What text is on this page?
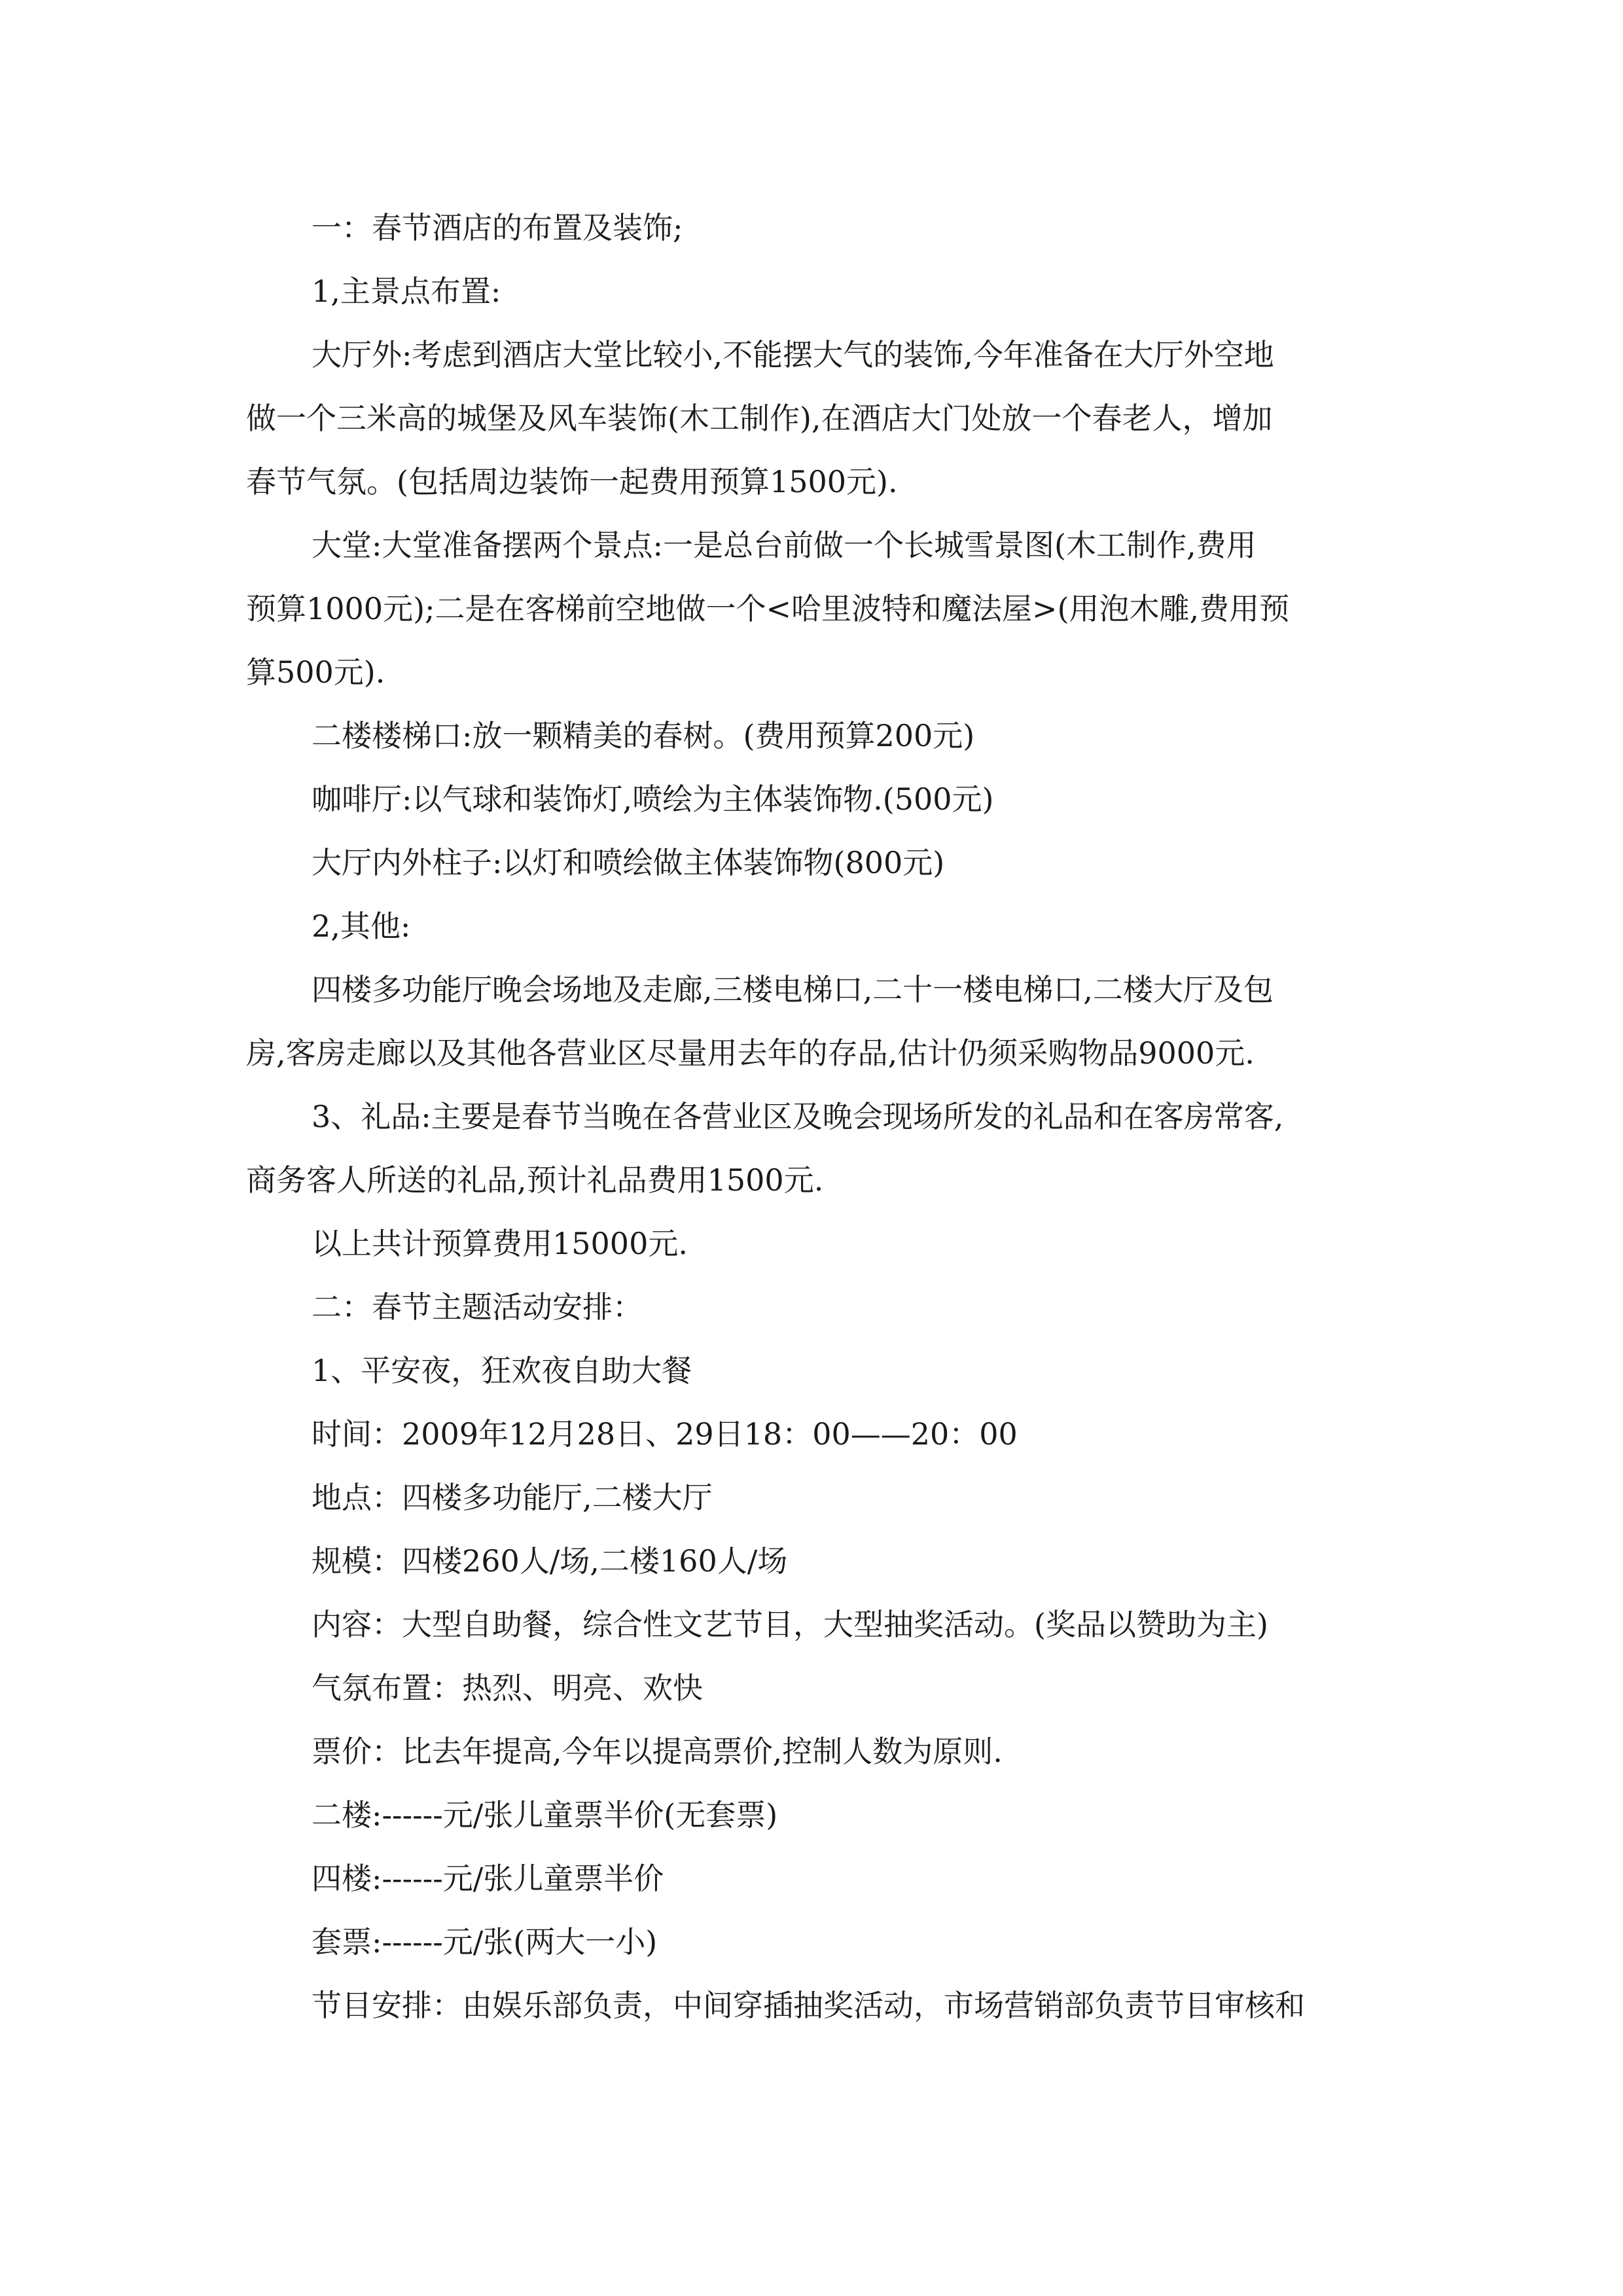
一：春节酒店的布置及装饰;
1,主景点布置:
大厅外:考虑到酒店大堂比较小,不能摆大气的装饰,今年准备在大厅外空地
做一个三米高的城堡及风车装饰(木工制作),在酒店大门处放一个春老人，增加
春节气氛。(包括周边装饰一起费用预算1500元).
大堂:大堂准备摆两个景点:一是总台前做一个长城雪景图(木工制作,费用
预算1000元);二是在客梯前空地做一个<哈里波特和魔法屋>(用泡木雕,费用预
算500元).
二楼楼梯口:放一颗精美的春树。(费用预算200元)
咖啡厅:以气球和装饰灯,喷绘为主体装饰物.(500元)
大厅内外柱子:以灯和喷绘做主体装饰物(800元)
2,其他:
四楼多功能厅晚会场地及走廊,三楼电梯口,二十一楼电梯口,二楼大厅及包
房,客房走廊以及其他各营业区尽量用去年的存品,估计仍须采购物品9000元.
3、礼品:主要是春节当晚在各营业区及晚会现场所发的礼品和在客房常客,
商务客人所送的礼品,预计礼品费用1500元.
以上共计预算费用15000元.
二：春节主题活动安排：
1、平安夜，狂欢夜自助大餐
时间：2009年12月28日、29日18：00——20：00
地点：四楼多功能厅,二楼大厅
规模：四楼260人/场,二楼160人/场
内容：大型自助餐，综合性文艺节目，大型抽奖活动。(奖品以赞助为主)
气氛布置：热烈、明亮、欢快
票价：比去年提高,今年以提高票价,控制人数为原则.
二楼:------元/张儿童票半价(无套票)
四楼:------元/张儿童票半价
套票:------元/张(两大一小)
节目安排：由娱乐部负责，中间穿插抽奖活动，市场营销部负责节目审核和
